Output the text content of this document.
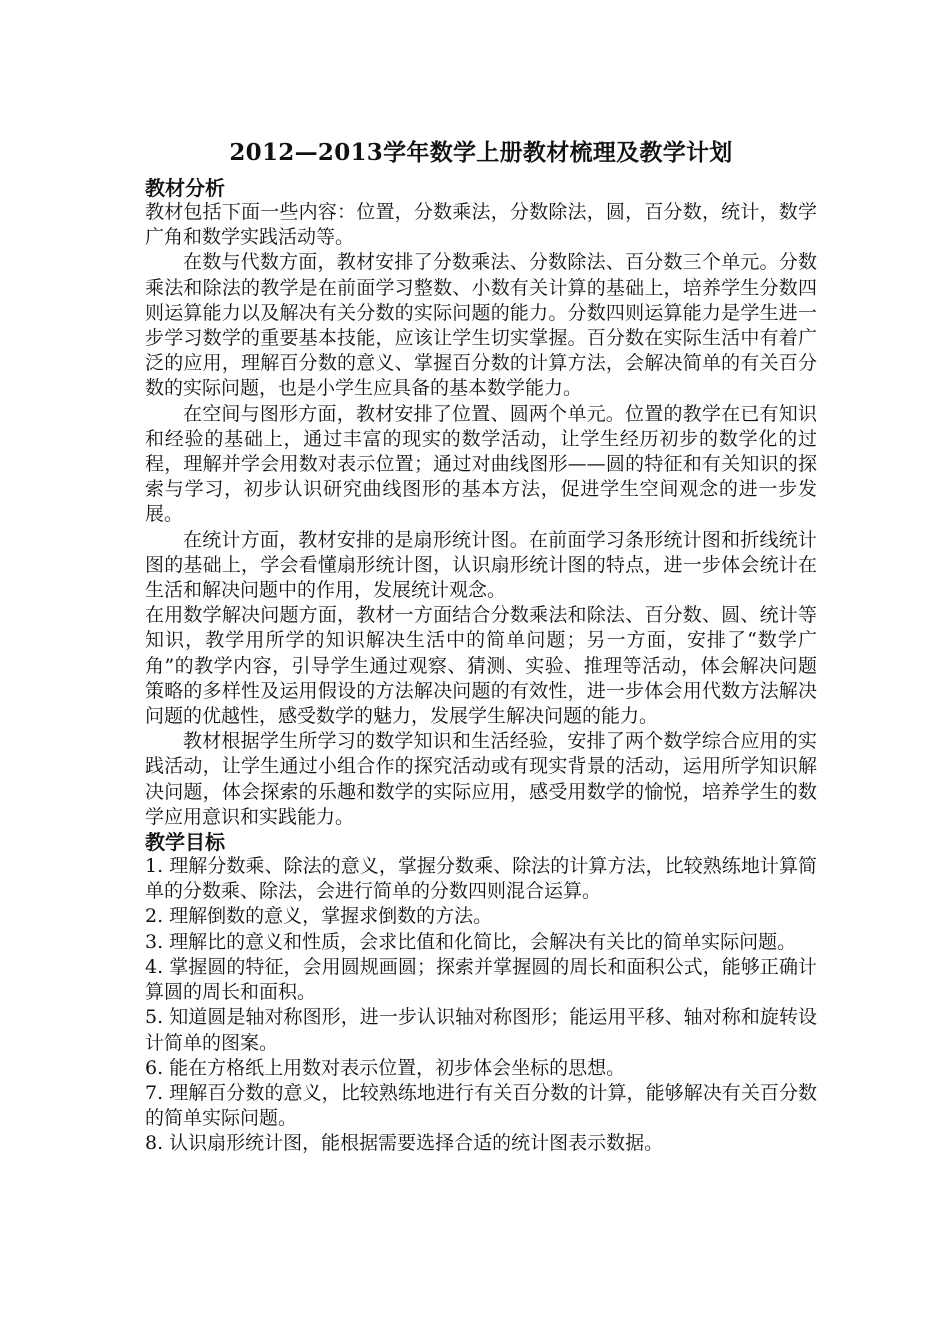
2012—2013学年数学上册教材梳理及教学计划
教材分析

教材包括下面一些内容：位置，分数乘法，分数除法，圆，百分数，统计，数学广角和数学实践活动等。

在数与代数方面，教材安排了分数乘法、分数除法、百分数三个单元。分数乘法和除法的教学是在前面学习整数、小数有关计算的基础上，培养学生分数四则运算能力以及解决有关分数的实际问题的能力。分数四则运算能力是学生进一步学习数学的重要基本技能，应该让学生切实掌握。百分数在实际生活中有着广泛的应用，理解百分数的意义、掌握百分数的计算方法，会解决简单的有关百分数的实际问题，也是小学生应具备的基本数学能力。

在空间与图形方面，教材安排了位置、圆两个单元。位置的教学在已有知识和经验的基础上，通过丰富的现实的数学活动，让学生经历初步的数学化的过程，理解并学会用数对表示位置；通过对曲线图形——圆的特征和有关知识的探索与学习，初步认识研究曲线图形的基本方法，促进学生空间观念的进一步发展。

在统计方面，教材安排的是扇形统计图。在前面学习条形统计图和折线统计图的基础上，学会看懂扇形统计图，认识扇形统计图的特点，进一步体会统计在生活和解决问题中的作用，发展统计观念。

在用数学解决问题方面，教材一方面结合分数乘法和除法、百分数、圆、统计等知识，教学用所学的知识解决生活中的简单问题；另一方面，安排了“数学广角”的教学内容，引导学生通过观察、猜测、实验、推理等活动，体会解决问题策略的多样性及运用假设的方法解决问题的有效性，进一步体会用代数方法解决问题的优越性，感受数学的魅力，发展学生解决问题的能力。

教材根据学生所学习的数学知识和生活经验，安排了两个数学综合应用的实践活动，让学生通过小组合作的探究活动或有现实背景的活动，运用所学知识解决问题，体会探索的乐趣和数学的实际应用，感受用数学的愉悦，培养学生的数学应用意识和实践能力。

教学目标

1. 理解分数乘、除法的意义，掌握分数乘、除法的计算方法，比较熟练地计算简单的分数乘、除法，会进行简单的分数四则混合运算。

2. 理解倒数的意义，掌握求倒数的方法。

3. 理解比的意义和性质，会求比值和化简比，会解决有关比的简单实际问题。

4. 掌握圆的特征，会用圆规画圆；探索并掌握圆的周长和面积公式，能够正确计算圆的周长和面积。

5. 知道圆是轴对称图形，进一步认识轴对称图形；能运用平移、轴对称和旋转设计简单的图案。

6. 能在方格纸上用数对表示位置，初步体会坐标的思想。

7. 理解百分数的意义，比较熟练地进行有关百分数的计算，能够解决有关百分数的简单实际问题。

8. 认识扇形统计图，能根据需要选择合适的统计图表示数据。
